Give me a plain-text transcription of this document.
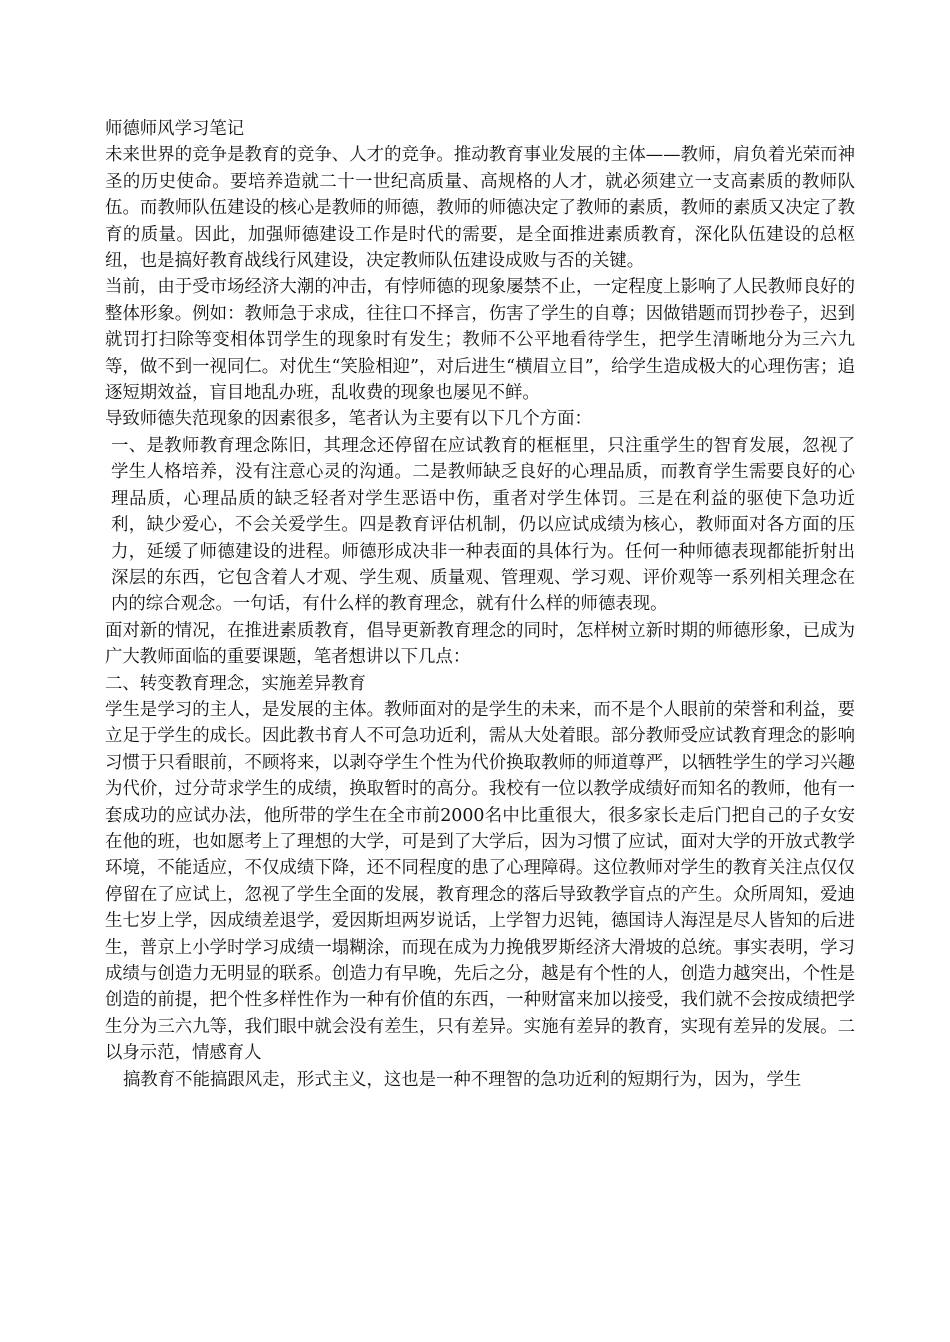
师德师风学习笔记

未来世界的竞争是教育的竞争、人才的竞争。推动教育事业发展的主体——教师，肩负着光荣而神圣的历史使命。要培养造就二十一世纪高质量、高规格的人才，就必须建立一支高素质的教师队伍。而教师队伍建设的核心是教师的师德，教师的师德决定了教师的素质，教师的素质又决定了教育的质量。因此，加强师德建设工作是时代的需要，是全面推进素质教育，深化队伍建设的总枢纽，也是搞好教育战线行风建设，决定教师队伍建设成败与否的关键。

当前，由于受市场经济大潮的冲击，有悖师德的现象屡禁不止，一定程度上影响了人民教师良好的整体形象。例如：教师急于求成，往往口不择言，伤害了学生的自尊；因做错题而罚抄卷子，迟到就罚打扫除等变相体罚学生的现象时有发生；教师不公平地看待学生，把学生清晰地分为三六九等，做不到一视同仁。对优生“笑脸相迎”，对后进生“横眉立目”，给学生造成极大的心理伤害；追逐短期效益，盲目地乱办班，乱收费的现象也屡见不鲜。

导致师德失范现象的因素很多，笔者认为主要有以下几个方面：

一、是教师教育理念陈旧，其理念还停留在应试教育的框框里，只注重学生的智育发展，忽视了学生人格培养，没有注意心灵的沟通。二是教师缺乏良好的心理品质，而教育学生需要良好的心理品质，心理品质的缺乏轻者对学生恶语中伤，重者对学生体罚。三是在利益的驱使下急功近利，缺少爱心，不会关爱学生。四是教育评估机制，仍以应试成绩为核心，教师面对各方面的压力，延缓了师德建设的进程。师德形成决非一种表面的具体行为。任何一种师德表现都能折射出深层的东西，它包含着人才观、学生观、质量观、管理观、学习观、评价观等一系列相关理念在内的综合观念。一句话，有什么样的教育理念，就有什么样的师德表现。

面对新的情况，在推进素质教育，倡导更新教育理念的同时，怎样树立新时期的师德形象，已成为广大教师面临的重要课题，笔者想讲以下几点：

二、转变教育理念，实施差异教育

学生是学习的主人，是发展的主体。教师面对的是学生的未来，而不是个人眼前的荣誉和利益，要立足于学生的成长。因此教书育人不可急功近利，需从大处着眼。部分教师受应试教育理念的影响习惯于只看眼前，不顾将来，以剥夺学生个性为代价换取教师的师道尊严，以牺牲学生的学习兴趣为代价，过分苛求学生的成绩，换取暂时的高分。我校有一位以教学成绩好而知名的教师，他有一套成功的应试办法，他所带的学生在全市前2000名中比重很大，很多家长走后门把自己的子女安在他的班，也如愿考上了理想的大学，可是到了大学后，因为习惯了应试，面对大学的开放式教学环境，不能适应，不仅成绩下降，还不同程度的患了心理障碍。这位教师对学生的教育关注点仅仅停留在了应试上，忽视了学生全面的发展，教育理念的落后导致教学盲点的产生。众所周知，爱迪生七岁上学，因成绩差退学，爱因斯坦两岁说话，上学智力迟钝，德国诗人海涅是尽人皆知的后进生，普京上小学时学习成绩一塌糊涂，而现在成为力挽俄罗斯经济大滑坡的总统。事实表明，学习成绩与创造力无明显的联系。创造力有早晚，先后之分，越是有个性的人，创造力越突出，个性是创造的前提，把个性多样性作为一种有价值的东西，一种财富来加以接受，我们就不会按成绩把学生分为三六九等，我们眼中就会没有差生，只有差异。实施有差异的教育，实现有差异的发展。二以身示范，情感育人

搞教育不能搞跟风走，形式主义，这也是一种不理智的急功近利的短期行为，因为，学生
